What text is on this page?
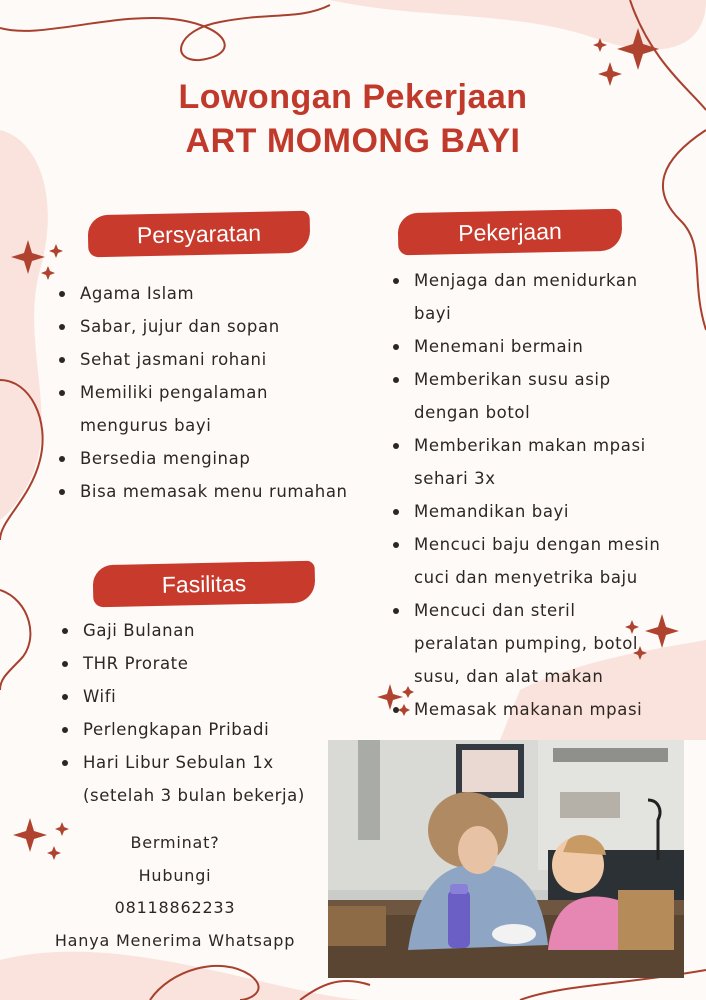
Lowongan Pekerjaan
ART MOMONG BAYI
Persyaratan
Agama Islam
Sabar, jujur dan sopan
Sehat jasmani rohani
Memiliki pengalaman
mengurus bayi
Bersedia menginap
Bisa memasak menu rumahan
Pekerjaan
Menjaga dan menidurkan
bayi
Menemani bermain
Memberikan susu asip
dengan botol
Memberikan makan mpasi
sehari 3x
Memandikan bayi
Mencuci baju dengan mesin
cuci dan menyetrika baju
Mencuci dan steril
peralatan pumping, botol
susu, dan alat makan
Memasak makanan mpasi
Fasilitas
Gaji Bulanan
THR Prorate
Wifi
Perlengkapan Pribadi
Hari Libur Sebulan 1x
(setelah 3 bulan bekerja)
Berminat?
Hubungi
08118862233
Hanya Menerima Whatsapp
